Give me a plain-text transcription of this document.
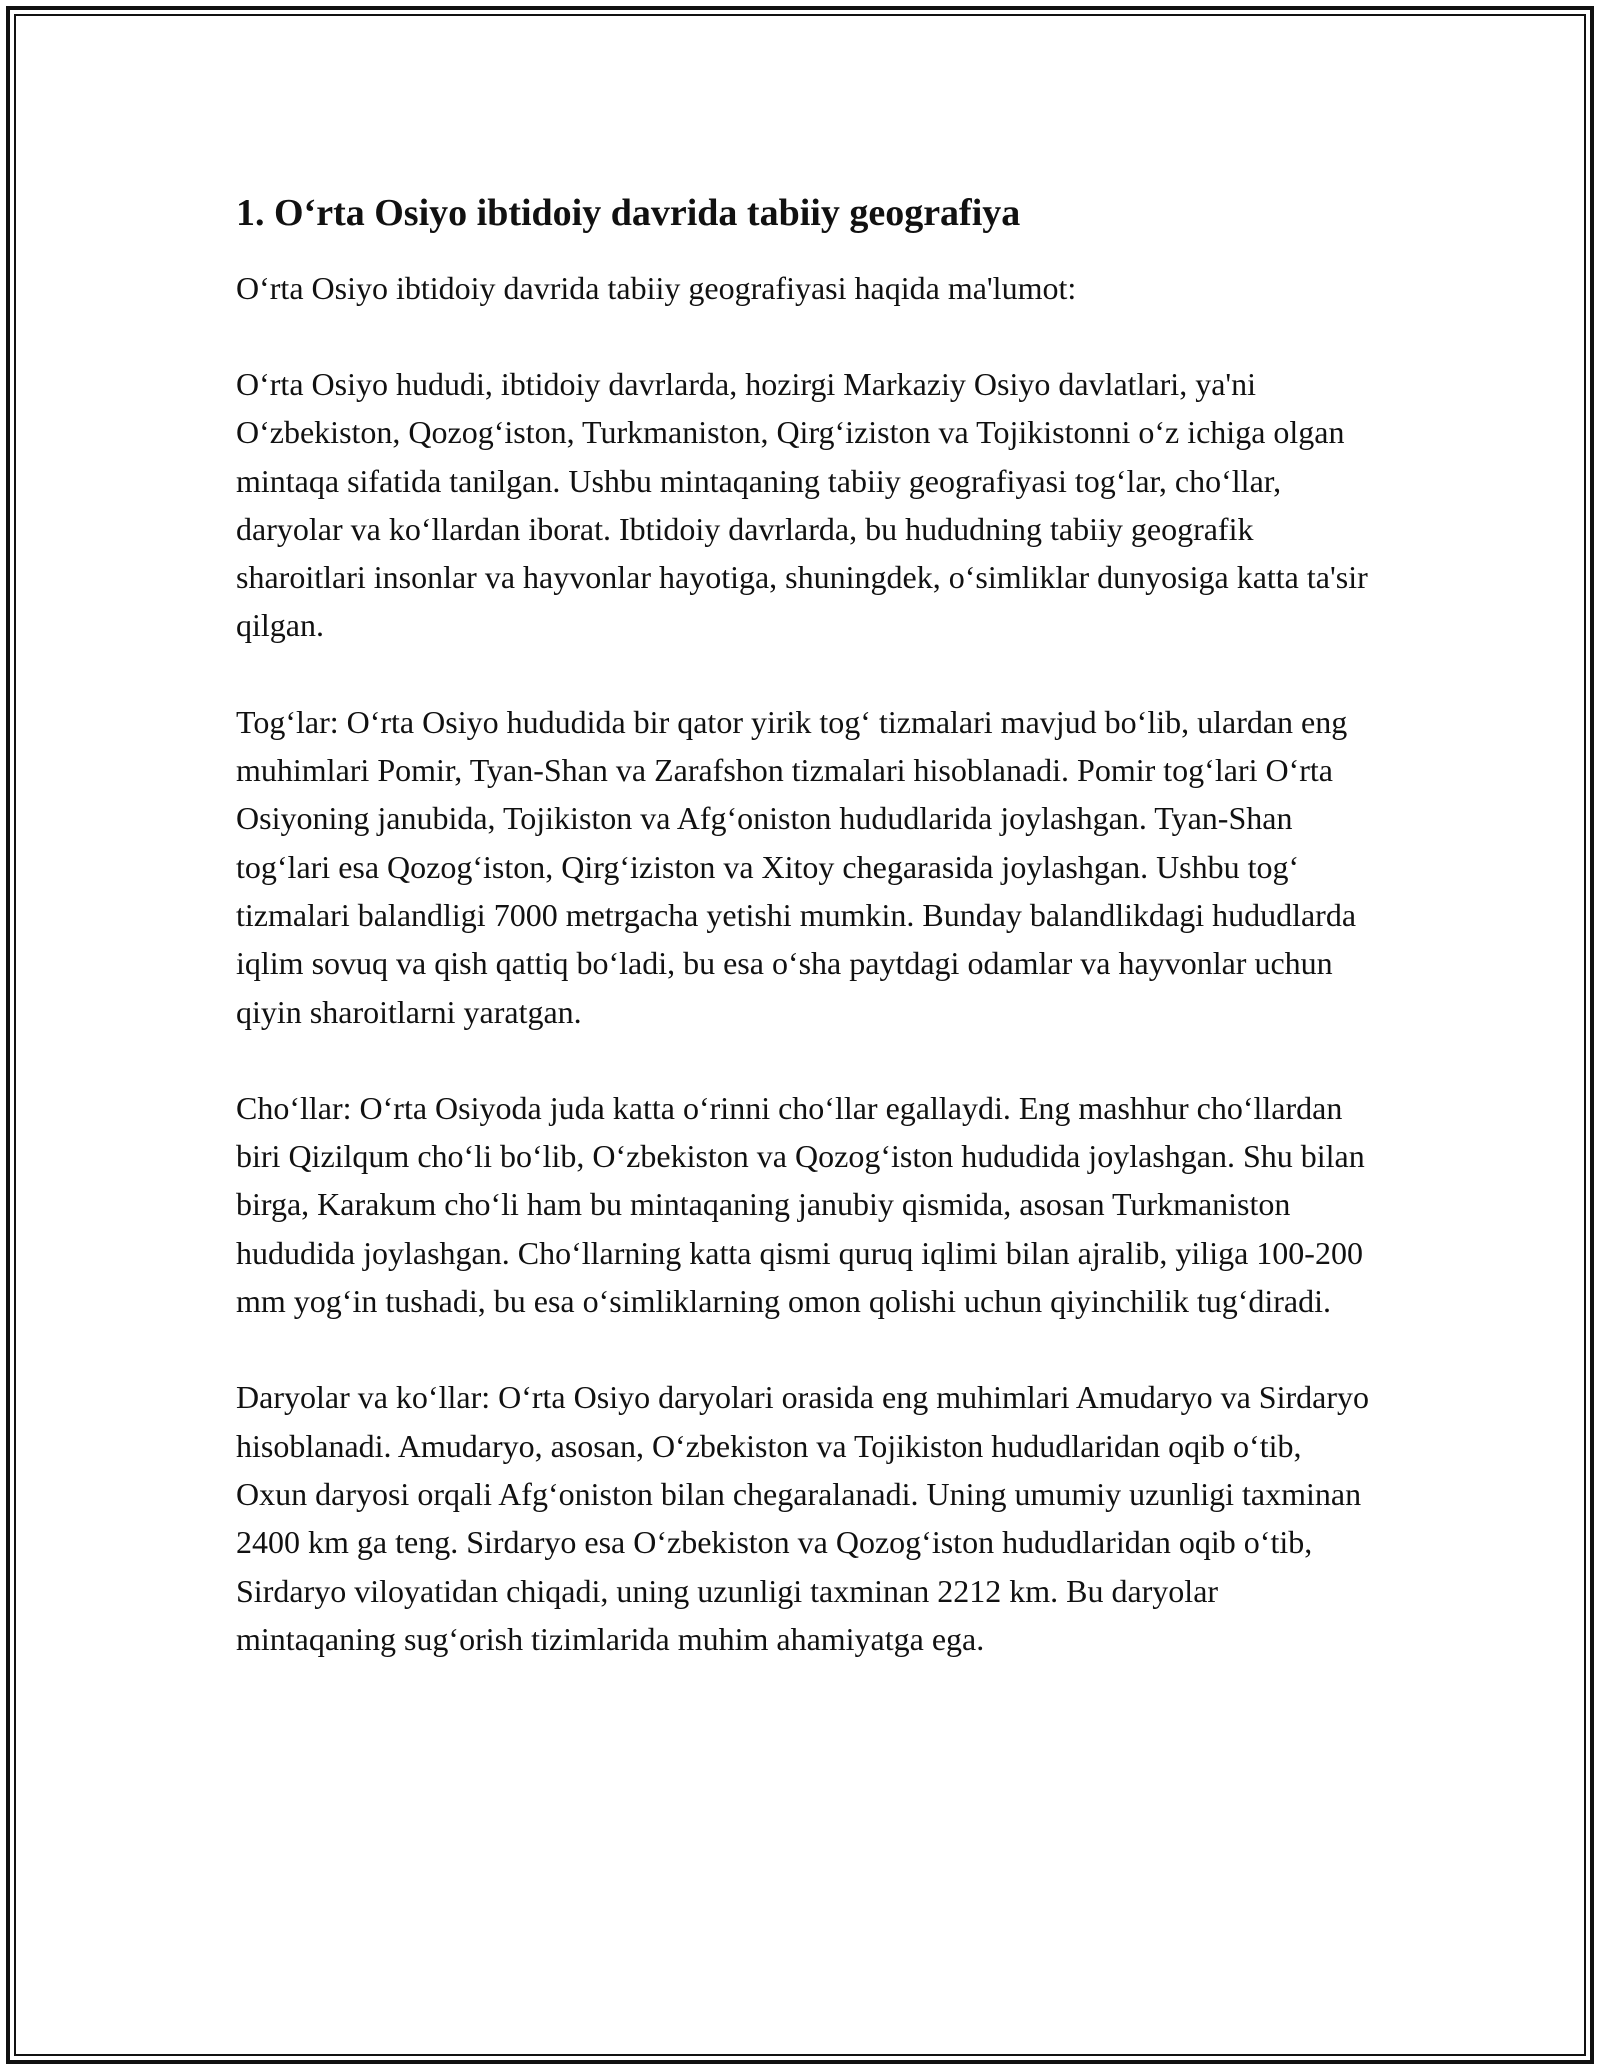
1. O‘rta Osiyo ibtidoiy davrida tabiiy geografiya

O‘rta Osiyo ibtidoiy davrida tabiiy geografiyasi haqida ma'lumot:

O‘rta Osiyo hududi, ibtidoiy davrlarda, hozirgi Markaziy Osiyo davlatlari, ya'ni O‘zbekiston, Qozog‘iston, Turkmaniston, Qirg‘iziston va Tojikistonni o‘z ichiga olgan mintaqa sifatida tanilgan. Ushbu mintaqaning tabiiy geografiyasi tog‘lar, cho‘llar, daryolar va ko‘llardan iborat. Ibtidoiy davrlarda, bu hududning tabiiy geografik sharoitlari insonlar va hayvonlar hayotiga, shuningdek, o‘simliklar dunyosiga katta ta'sir qilgan.

Tog‘lar: O‘rta Osiyo hududida bir qator yirik tog‘ tizmalari mavjud bo‘lib, ulardan eng muhimlari Pomir, Tyan-Shan va Zarafshon tizmalari hisoblanadi. Pomir tog‘lari O‘rta Osiyoning janubida, Tojikiston va Afg‘oniston hududlarida joylashgan. Tyan-Shan tog‘lari esa Qozog‘iston, Qirg‘iziston va Xitoy chegarasida joylashgan. Ushbu tog‘ tizmalari balandligi 7000 metrgacha yetishi mumkin. Bunday balandlikdagi hududlarda iqlim sovuq va qish qattiq bo‘ladi, bu esa o‘sha paytdagi odamlar va hayvonlar uchun qiyin sharoitlarni yaratgan.

Cho‘llar: O‘rta Osiyoda juda katta o‘rinni cho‘llar egallaydi. Eng mashhur cho‘llardan biri Qizilqum cho‘li bo‘lib, O‘zbekiston va Qozog‘iston hududida joylashgan. Shu bilan birga, Karakum cho‘li ham bu mintaqaning janubiy qismida, asosan Turkmaniston hududida joylashgan. Cho‘llarning katta qismi quruq iqlimi bilan ajralib, yiliga 100-200 mm yog‘in tushadi, bu esa o‘simliklarning omon qolishi uchun qiyinchilik tug‘diradi.

Daryolar va ko‘llar: O‘rta Osiyo daryolari orasida eng muhimlari Amudaryo va Sirdaryo hisoblanadi. Amudaryo, asosan, O‘zbekiston va Tojikiston hududlaridan oqib o‘tib, Oxun daryosi orqali Afg‘oniston bilan chegaralanadi. Uning umumiy uzunligi taxminan 2400 km ga teng. Sirdaryo esa O‘zbekiston va Qozog‘iston hududlaridan oqib o‘tib, Sirdaryo viloyatidan chiqadi, uning uzunligi taxminan 2212 km. Bu daryolar mintaqaning sug‘orish tizimlarida muhim ahamiyatga ega.
